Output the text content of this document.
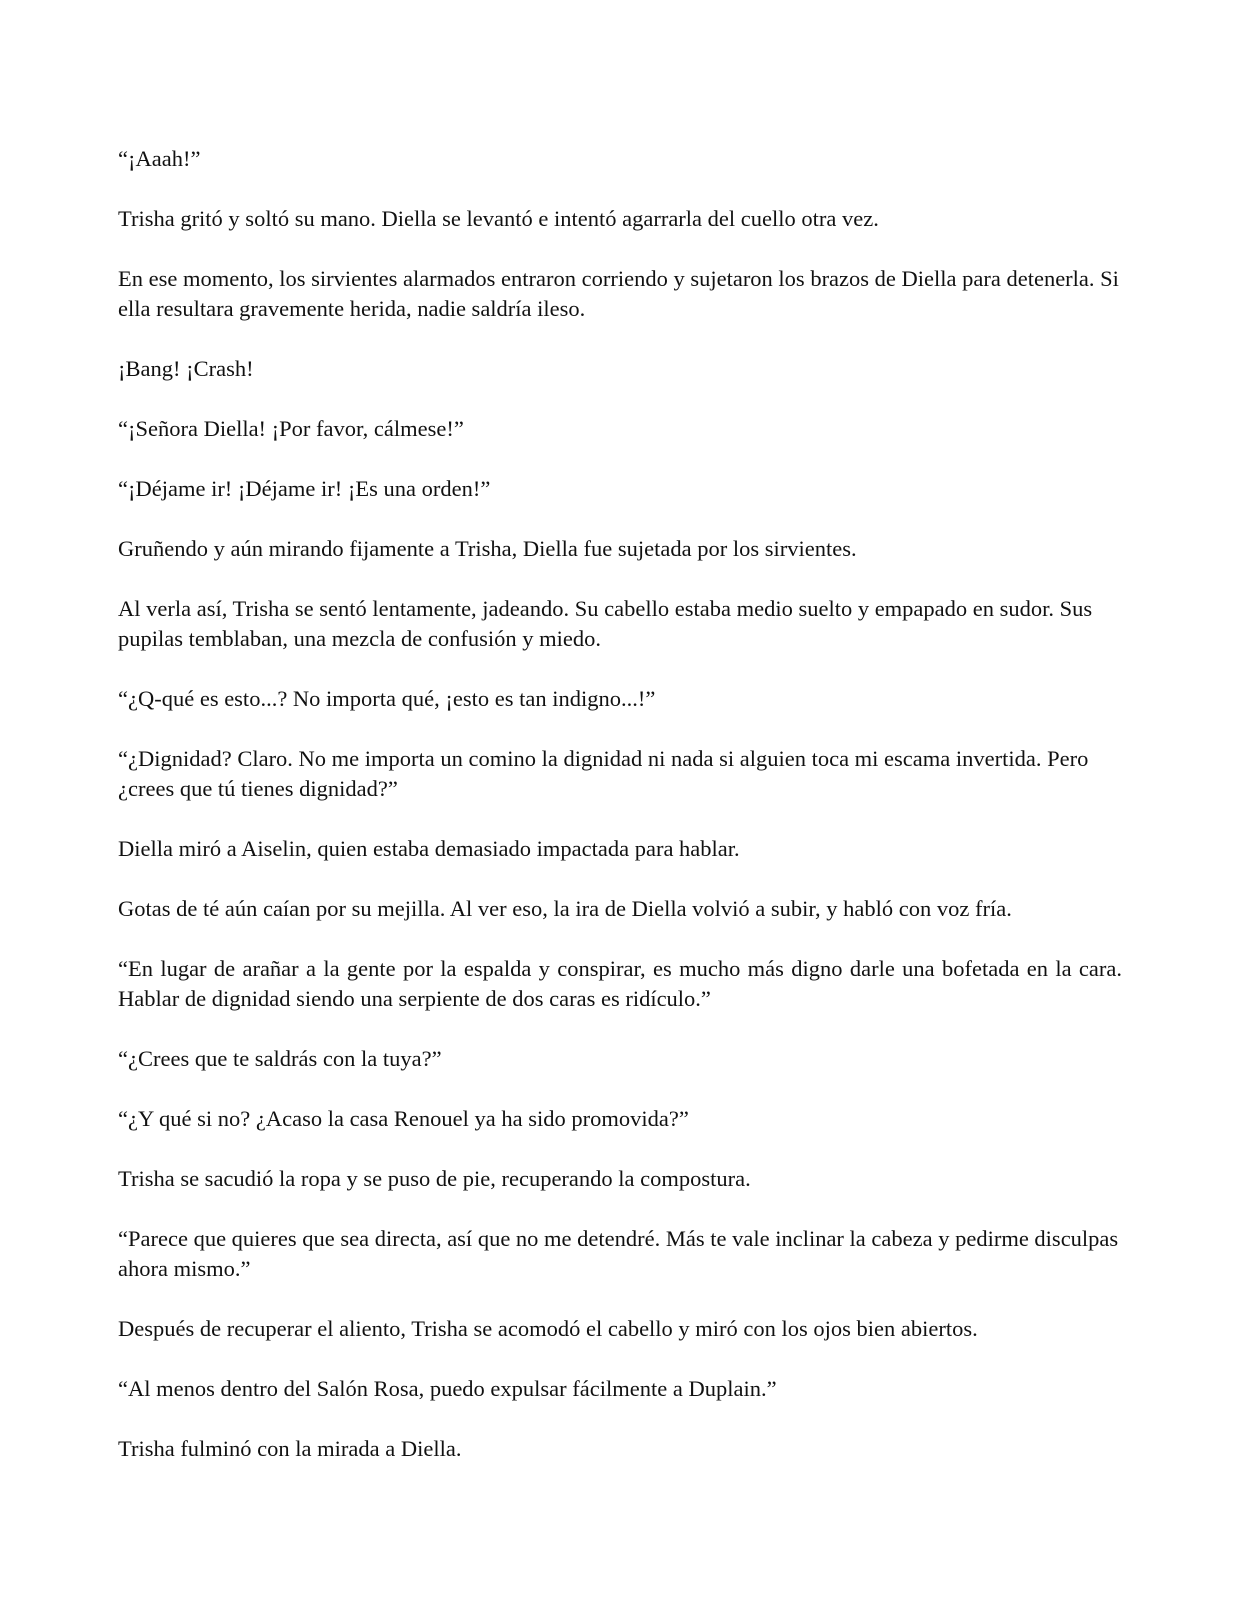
“¡Aaah!”

Trisha gritó y soltó su mano. Diella se levantó e intentó agarrarla del cuello otra vez.

En ese momento, los sirvientes alarmados entraron corriendo y sujetaron los brazos de Diella para detenerla. Si ella resultara gravemente herida, nadie saldría ileso.

¡Bang! ¡Crash!

“¡Señora Diella! ¡Por favor, cálmese!”

“¡Déjame ir! ¡Déjame ir! ¡Es una orden!”

Gruñendo y aún mirando fijamente a Trisha, Diella fue sujetada por los sirvientes.

Al verla así, Trisha se sentó lentamente, jadeando. Su cabello estaba medio suelto y empapado en sudor. Sus pupilas temblaban, una mezcla de confusión y miedo.

“¿Q-qué es esto...? No importa qué, ¡esto es tan indigno...!”

“¿Dignidad? Claro. No me importa un comino la dignidad ni nada si alguien toca mi escama invertida. Pero ¿crees que tú tienes dignidad?”

Diella miró a Aiselin, quien estaba demasiado impactada para hablar.

Gotas de té aún caían por su mejilla. Al ver eso, la ira de Diella volvió a subir, y habló con voz fría.

“En lugar de arañar a la gente por la espalda y conspirar, es mucho más digno darle una bofetada en la cara. Hablar de dignidad siendo una serpiente de dos caras es ridículo.”

“¿Crees que te saldrás con la tuya?”

“¿Y qué si no? ¿Acaso la casa Renouel ya ha sido promovida?”

Trisha se sacudió la ropa y se puso de pie, recuperando la compostura.

“Parece que quieres que sea directa, así que no me detendré. Más te vale inclinar la cabeza y pedirme disculpas ahora mismo.”

Después de recuperar el aliento, Trisha se acomodó el cabello y miró con los ojos bien abiertos.

“Al menos dentro del Salón Rosa, puedo expulsar fácilmente a Duplain.”

Trisha fulminó con la mirada a Diella.
